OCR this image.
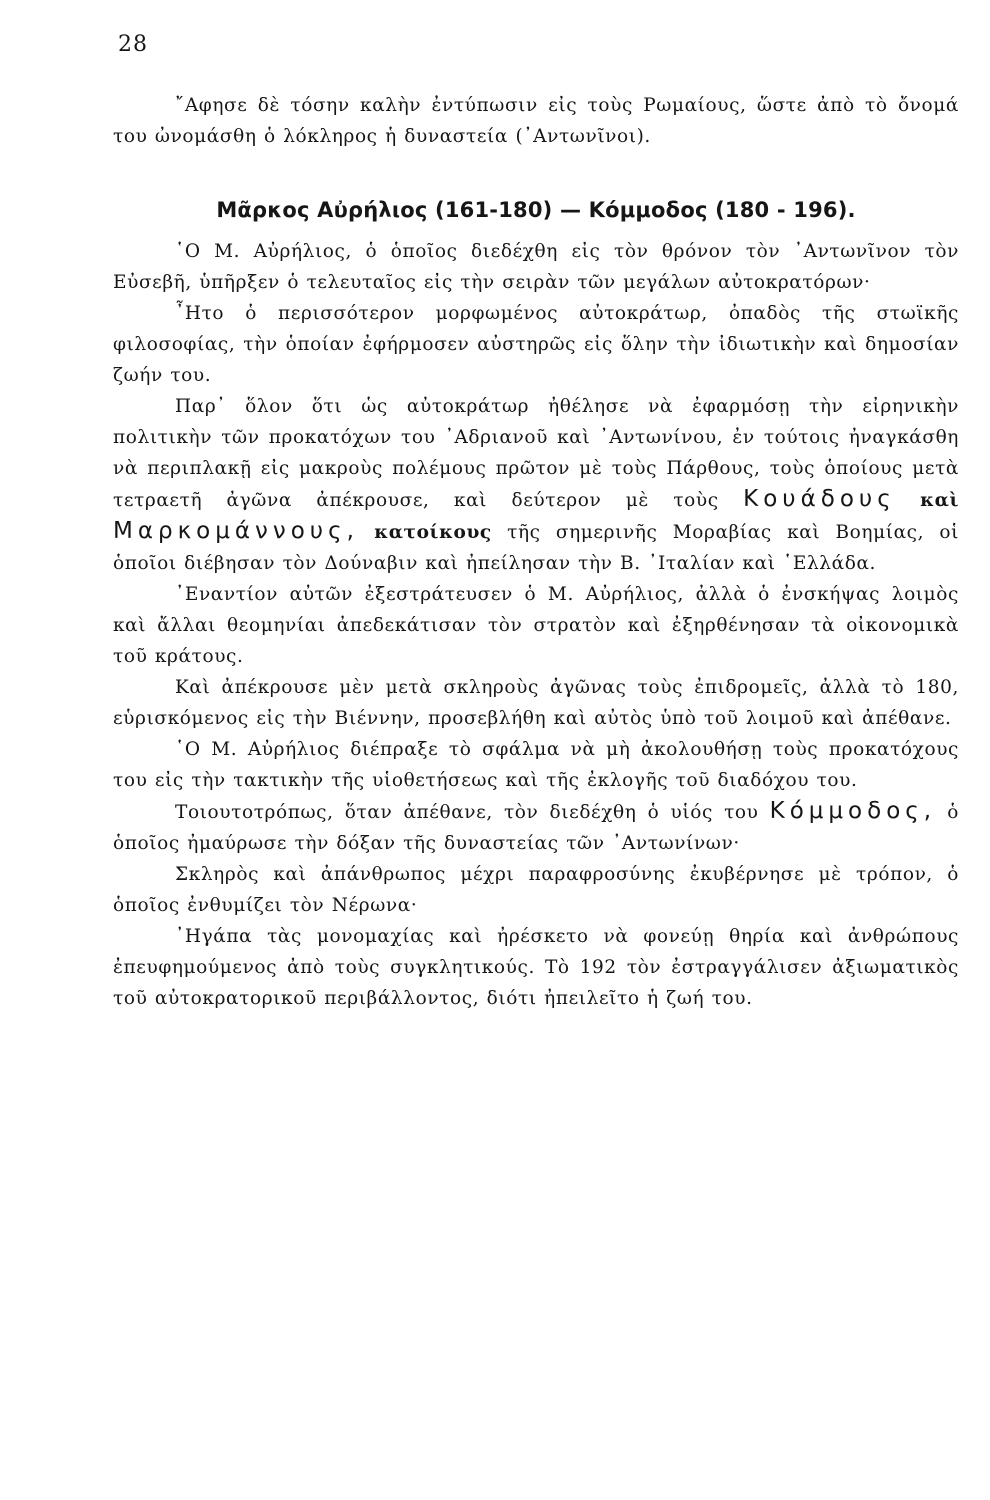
28

῎Αφησε δὲ τόσην καλὴν ἐντύπωσιν εἰς τοὺς Ρωμαίους, ὥστε ἀπὸ τὸ ὄνομά του ὠνομάσθη ὁ λόκληρος ἡ δυναστεία (᾿Αντωνῖνοι).

Μᾶρκος Αὐρήλιος (161-180) — Κόμμοδος (180 - 196).

῾Ο Μ. Αὐρήλιος, ὁ ὁποῖος διεδέχθη εἰς τὸν θρόνον τὸν ᾿Αντωνῖνον τὸν Εὐσεβῆ, ὑπῆρξεν ὁ τελευταῖος εἰς τὴν σειρὰν τῶν μεγάλων αὐτοκρατόρων·

῏Ητο ὁ περισσότερον μορφωμένος αὐτοκράτωρ, ὀπαδὸς τῆς στωϊκῆς φιλοσοφίας, τὴν ὁποίαν ἐφήρμοσεν αὐστηρῶς εἰς ὅλην τὴν ἰδιωτικὴν καὶ δημοσίαν ζωήν του.

Παρ᾿ ὅλον ὅτι ὡς αὐτοκράτωρ ἠθέλησε νὰ ἐφαρμόσῃ τὴν εἰρηνικὴν πολιτικὴν τῶν προκατόχων του ᾿Αδριανοῦ καὶ ᾿Αντωνίνου, ἐν τούτοις ἠναγκάσθη νὰ περιπλακῇ εἰς μακροὺς πολέμους πρῶτον μὲ τοὺς Πάρθους, τοὺς ὁποίους μετὰ τετραετῆ ἀγῶνα ἀπέκρουσε, καὶ δεύτερον μὲ τοὺς Κουάδους καὶ Μαρκομάννους, κατοίκους τῆς σημερινῆς Μοραβίας καὶ Βοημίας, οἱ ὁποῖοι διέβησαν τὸν Δούναβιν καὶ ἠπείλησαν τὴν Β. ᾿Ιταλίαν καὶ ῾Ελλάδα.

᾿Εναντίον αὐτῶν ἐξεστράτευσεν ὁ Μ. Αὐρήλιος, ἀλλὰ ὁ ἐνσκήψας λοιμὸς καὶ ἄλλαι θεομηνίαι ἀπεδεκάτισαν τὸν στρατὸν καὶ ἐξηρθένησαν τὰ οἰκονομικὰ τοῦ κράτους.

Καὶ ἀπέκρουσε μὲν μετὰ σκληροὺς ἀγῶνας τοὺς ἐπιδρομεῖς, ἀλλὰ τὸ 180, εὑρισκόμενος εἰς τὴν Βιέννην, προσεβλήθη καὶ αὐτὸς ὑπὸ τοῦ λοιμοῦ καὶ ἀπέθανε.

῾Ο Μ. Αὐρήλιος διέπραξε τὸ σφάλμα νὰ μὴ ἀκολουθήσῃ τοὺς προκατόχους του εἰς τὴν τακτικὴν τῆς υἱοθετήσεως καὶ τῆς ἐκλογῆς τοῦ διαδόχου του.

Τοιουτοτρόπως, ὅταν ἀπέθανε, τὸν διεδέχθη ὁ υἱός του Κόμμοδος, ὁ ὁποῖος ἠμαύρωσε τὴν δόξαν τῆς δυναστείας τῶν ᾿Αντωνίνων·

Σκληρὸς καὶ ἀπάνθρωπος μέχρι παραφροσύνης ἐκυβέρνησε μὲ τρόπον, ὁ ὁποῖος ἐνθυμίζει τὸν Νέρωνα·

᾿Ηγάπα τὰς μονομαχίας καὶ ἠρέσκετο νὰ φονεύῃ θηρία καὶ ἀνθρώπους ἐπευφημούμενος ἀπὸ τοὺς συγκλητικούς. Τὸ 192 τὸν ἐστραγγάλισεν ἀξιωματικὸς τοῦ αὐτοκρατορικοῦ περιβάλλοντος, διότι ἠπειλεῖτο ἡ ζωή του.
